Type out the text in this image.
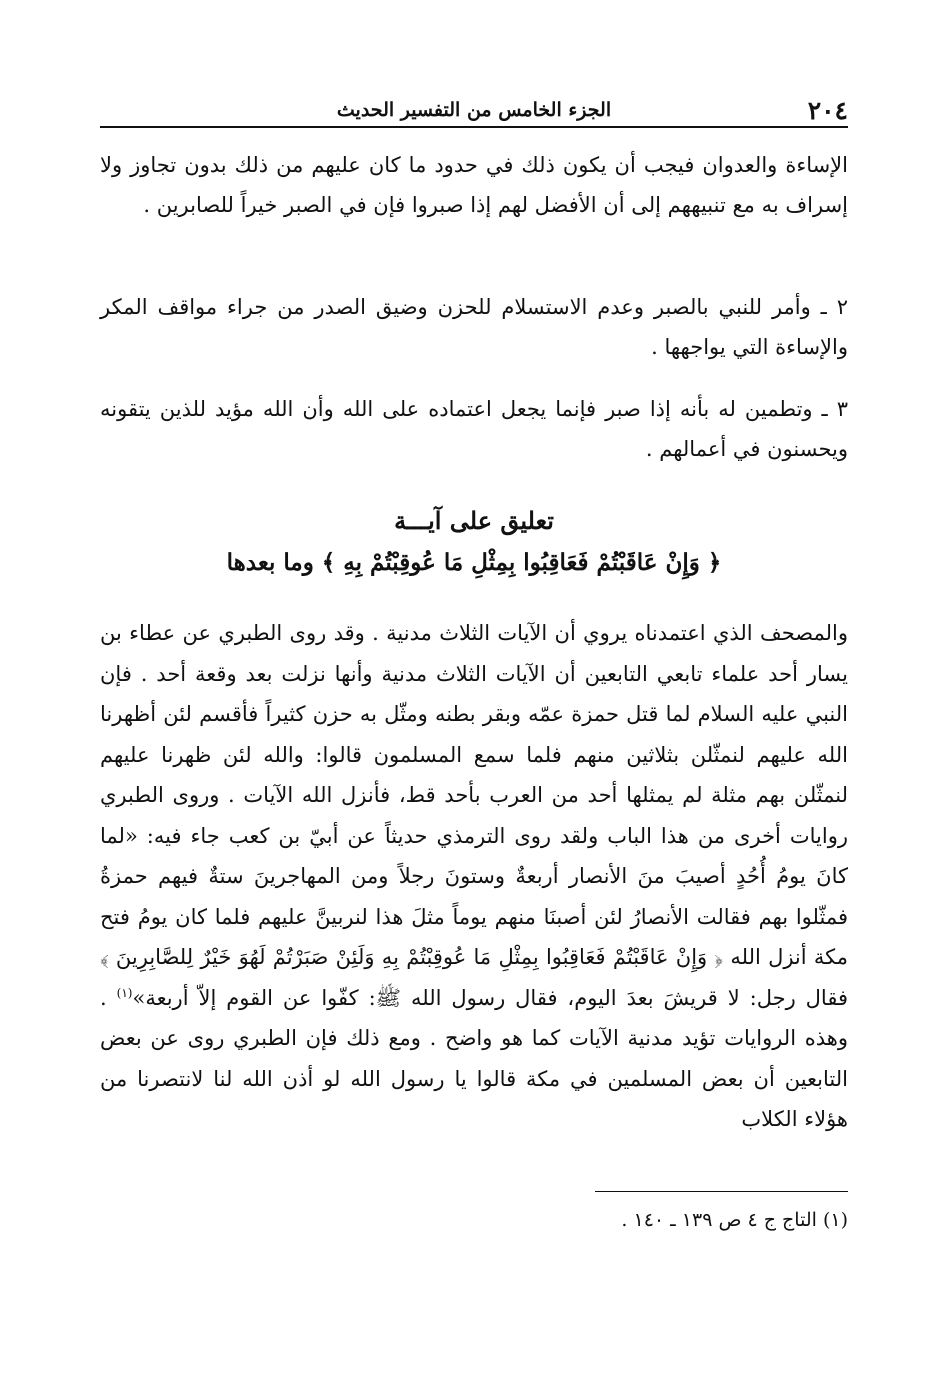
٢٠٤
الجزء الخامس من التفسير الحديث

الإساءة والعدوان فيجب أن يكون ذلك في حدود ما كان عليهم من ذلك بدون تجاوز ولا إسراف به مع تنبيههم إلى أن الأفضل لهم إذا صبروا فإن في الصبر خيراً للصابرين .

٢ ـ وأمر للنبي بالصبر وعدم الاستسلام للحزن وضيق الصدر من جراء مواقف المكر والإساءة التي يواجهها .

٣ ـ وتطمين له بأنه إذا صبر فإنما يجعل اعتماده على الله وأن الله مؤيد للذين يتقونه ويحسنون في أعمالهم .

تعليق على آيـــة
﴿ وَإِنْ عَاقَبْتُمْ فَعَاقِبُوا بِمِثْلِ مَا عُوقِبْتُمْ بِهِ ﴾ وما بعدها

والمصحف الذي اعتمدناه يروي أن الآيات الثلاث مدنية . وقد روى الطبري عن عطاء بن يسار أحد علماء تابعي التابعين أن الآيات الثلاث مدنية وأنها نزلت بعد وقعة أحد . فإن النبي عليه السلام لما قتل حمزة عمّه وبقر بطنه ومثّل به حزن كثيراً فأقسم لئن أظهرنا الله عليهم لنمثّلن بثلاثين منهم فلما سمع المسلمون قالوا: والله لئن ظهرنا عليهم لنمثّلن بهم مثلة لم يمثلها أحد من العرب بأحد قط، فأنزل الله الآيات . وروى الطبري روايات أخرى من هذا الباب ولقد روى الترمذي حديثاً عن أبيّ بن كعب جاء فيه: «لما كانَ يومُ أُحُدٍ أصيبَ منَ الأنصار أربعةٌ وستونَ رجلاً ومن المهاجرينَ ستةٌ فيهم حمزةُ فمثّلوا بهم فقالت الأنصارُ لئن أصبنَا منهم يوماً مثلَ هذا لنربينَّ عليهم فلما كان يومُ فتح مكة أنزل الله ﴿ وَإِنْ عَاقَبْتُمْ فَعَاقِبُوا بِمِثْلِ مَا عُوقِبْتُمْ بِهِ وَلَئِنْ صَبَرْتُمْ لَهُوَ خَيْرٌ لِلصَّابِرِينَ ﴾ فقال رجل: لا قريشَ بعدَ اليوم، فقال رسول الله ﷺ: كفّوا عن القوم إلاّ أربعة»$^{(١)}$ . وهذه الروايات تؤيد مدنية الآيات كما هو واضح . ومع ذلك فإن الطبري روى عن بعض التابعين أن بعض المسلمين في مكة قالوا يا رسول الله لو أذن الله لنا لانتصرنا من هؤلاء الكلاب

(١) التاج ج ٤ ص ١٣٩ ـ ١٤٠ .
